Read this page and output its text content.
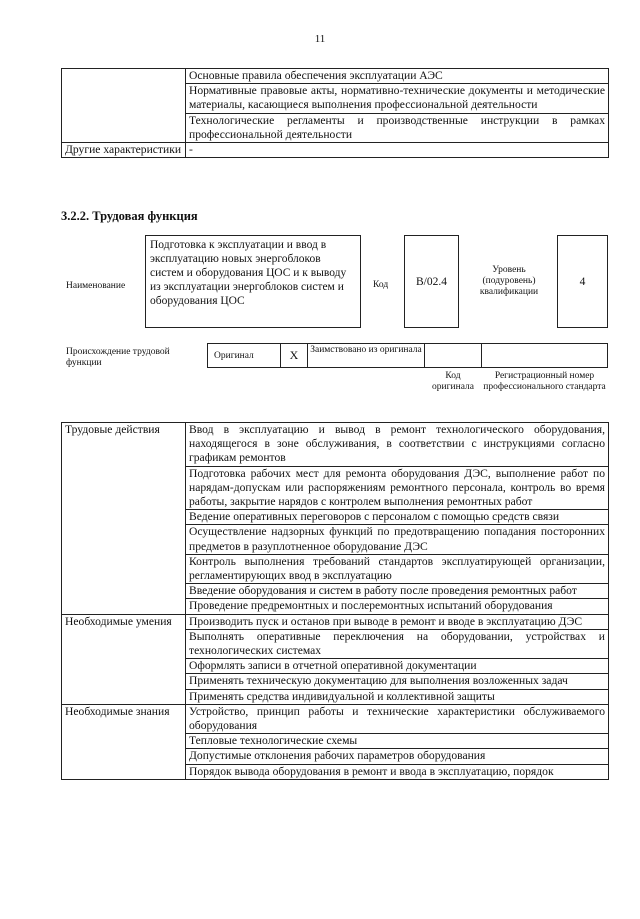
11
	Основные правила обеспечения эксплуатации АЭС
	Нормативные правовые акты, нормативно-технические документы и методические материалы, касающиеся выполнения профессиональной деятельности
	Технологические регламенты и производственные инструкции в рамках профессиональной деятельности
Другие характеристики	-
3.2.2. Трудовая функция
Наименование
Подготовка к эксплуатации и ввод в эксплуатацию новых энергоблоков систем и оборудования ЦОС и к выводу из эксплуатации энергоблоков систем и оборудования ЦОС
Код	В/02.4
Уровень (подуровень) квалификации
4
Происхождение трудовой функции
Оригинал	X	Заимствовано из оригинала
Код оригинала
Регистрационный номер профессионального стандарта
Трудовые действия	Ввод в эксплуатацию и вывод в ремонт технологического оборудования, находящегося в зоне обслуживания, в соответствии с инструкциями согласно графикам ремонтов
	Подготовка рабочих мест для ремонта оборудования ДЭС, выполнение работ по нарядам-допускам или распоряжениям ремонтного персонала, контроль во время работы, закрытие нарядов с контролем выполнения ремонтных работ
	Ведение оперативных переговоров с персоналом с помощью средств связи
	Осуществление надзорных функций по предотвращению попадания посторонних предметов в разуплотненное оборудование ДЭС
	Контроль выполнения требований стандартов эксплуатирующей организации, регламентирующих ввод в эксплуатацию
	Введение оборудования и систем в работу после проведения ремонтных работ
	Проведение предремонтных и послеремонтных испытаний оборудования
Необходимые умения	Производить пуск и останов при выводе в ремонт и вводе в эксплуатацию ДЭС
	Выполнять оперативные переключения на оборудовании, устройствах и технологических системах
	Оформлять записи в отчетной оперативной документации
	Применять техническую документацию для выполнения возложенных задач
	Применять средства индивидуальной и коллективной защиты
Необходимые знания	Устройство, принцип работы и технические характеристики обслуживаемого оборудования
	Тепловые технологические схемы
	Допустимые отклонения рабочих параметров оборудования
	Порядок вывода оборудования в ремонт и ввода в эксплуатацию, порядок
